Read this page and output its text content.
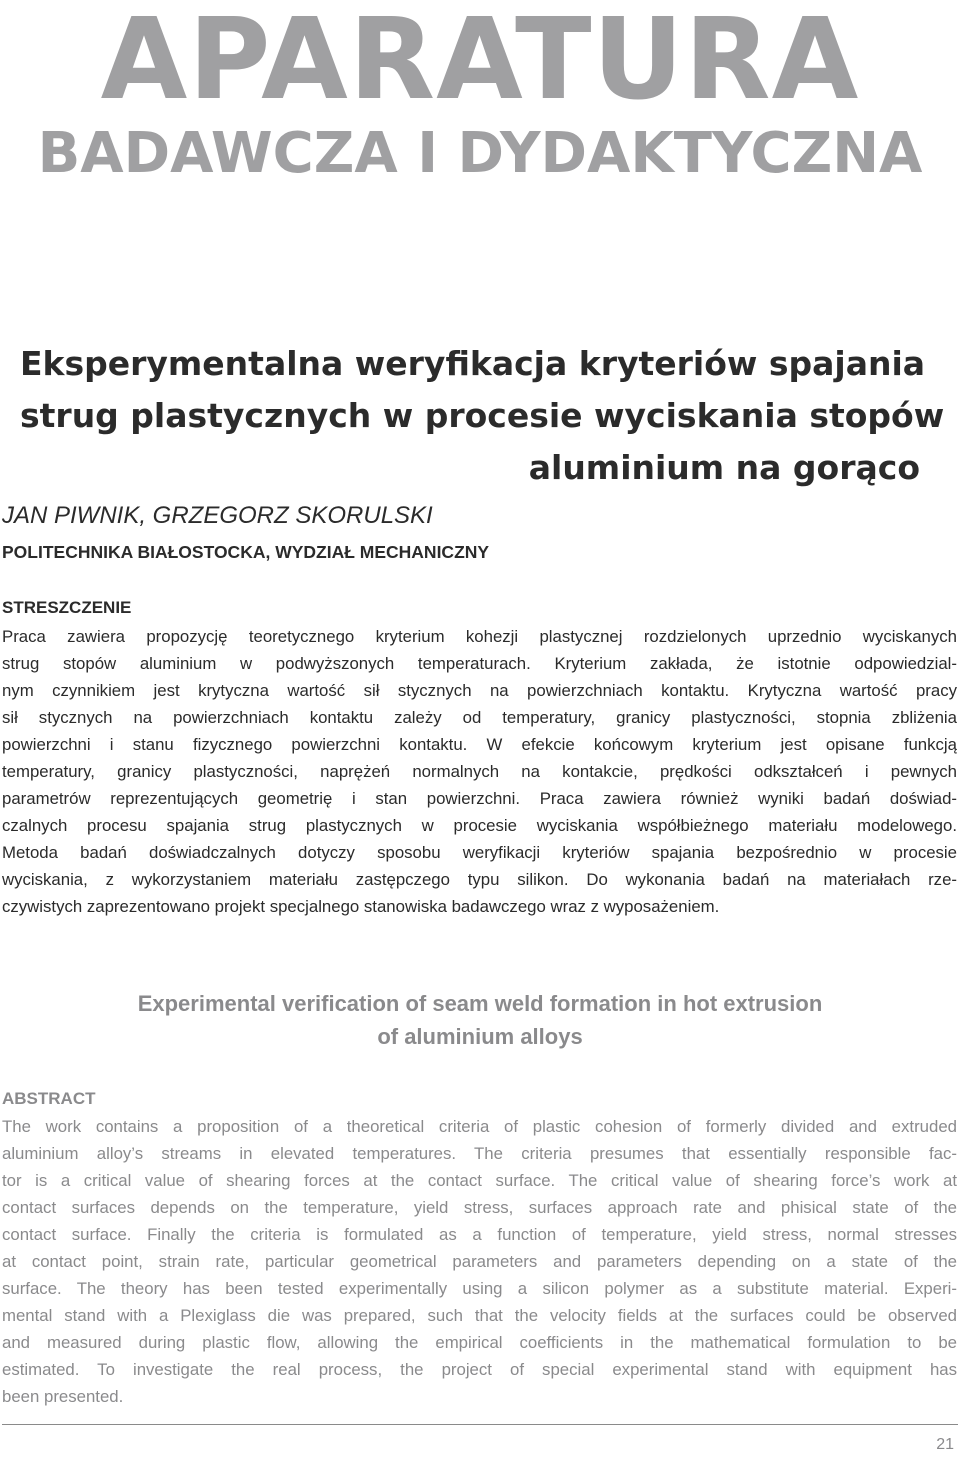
APARATURA
BADAWCZA I DYDAKTYCZNA
Eksperymentalna weryfikacja kryteriów spajania
strug plastycznych w procesie wyciskania stopów
aluminium na gorąco
JAN PIWNIK, GRZEGORZ SKORULSKI
POLITECHNIKA BIAŁOSTOCKA, WYDZIAŁ MECHANICZNY
STRESZCZENIE
Praca zawiera propozycję teoretycznego kryterium kohezji plastycznej rozdzielonych uprzednio wyciskanych
strug stopów aluminium w podwyższonych temperaturach. Kryterium zakłada, że istotnie odpowiedzial-
nym czynnikiem jest krytyczna wartość sił stycznych na powierzchniach kontaktu. Krytyczna wartość pracy
sił stycznych na powierzchniach kontaktu zależy od temperatury, granicy plastyczności, stopnia zbliżenia
powierzchni i stanu fizycznego powierzchni kontaktu. W efekcie końcowym kryterium jest opisane funkcją
temperatury, granicy plastyczności, naprężeń normalnych na kontakcie, prędkości odkształceń i pewnych
parametrów reprezentujących geometrię i stan powierzchni. Praca zawiera również wyniki badań doświad-
czalnych procesu spajania strug plastycznych w procesie wyciskania współbieżnego materiału modelowego.
Metoda badań doświadczalnych dotyczy sposobu weryfikacji kryteriów spajania bezpośrednio w procesie
wyciskania, z wykorzystaniem materiału zastępczego typu silikon. Do wykonania badań na materiałach rze-
czywistych zaprezentowano projekt specjalnego stanowiska badawczego wraz z wyposażeniem.
Experimental verification of seam weld formation in hot extrusion
of aluminium alloys
ABSTRACT
The work contains a proposition of a theoretical criteria of plastic cohesion of formerly divided and extruded
aluminium alloy’s streams in elevated temperatures. The criteria presumes that essentially responsible fac-
tor is a critical value of shearing forces at the contact surface. The critical value of shearing force’s work at
contact surfaces depends on the temperature, yield stress, surfaces approach rate and phisical state of the
contact surface. Finally the criteria is formulated as a function of temperature, yield stress, normal stresses
at contact point, strain rate, particular geometrical parameters and parameters depending on a state of the
surface. The theory has been tested experimentally using a silicon polymer as a substitute material. Experi-
mental stand with a Plexiglass die was prepared, such that the velocity fields at the surfaces could be observed
and measured during plastic flow, allowing the empirical coefficients in the mathematical formulation to be
estimated. To investigate the real process, the project of special experimental stand with equipment has
been presented.
21
